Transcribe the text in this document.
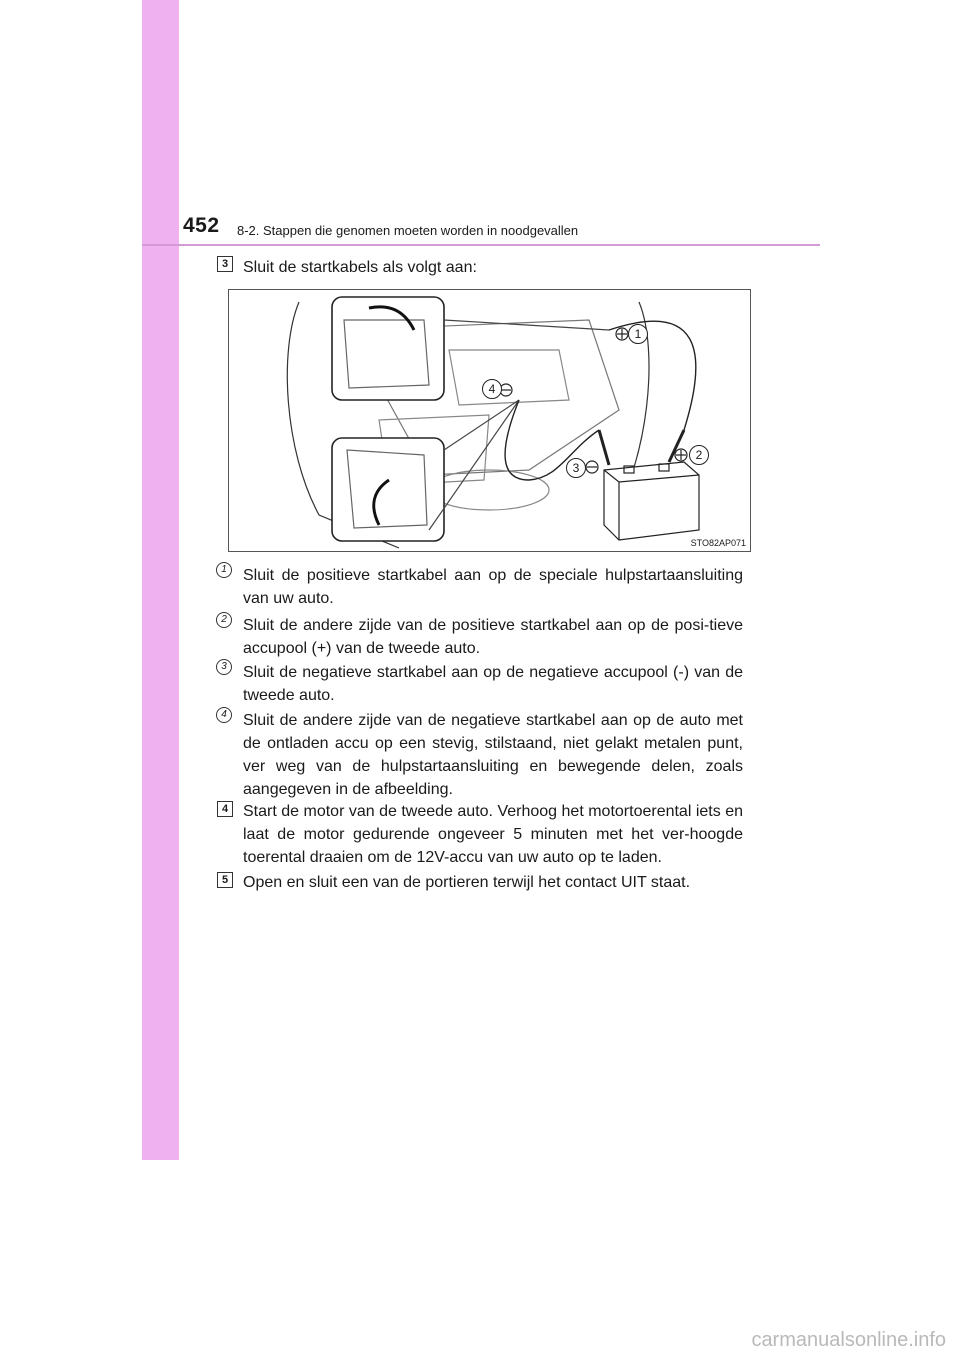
452 8-2. Stappen die genomen moeten worden in noodgevallen
3 Sluit de startkabels als volgt aan:
1
2
3
4
STO82AP071
1	Sluit de positieve startkabel aan op de speciale hulpstartaansluiting van uw auto.
2	Sluit de andere zijde van de positieve startkabel aan op de posi-tieve accupool (+) van de tweede auto.
3	Sluit de negatieve startkabel aan op de negatieve accupool (-) van de tweede auto.
4	Sluit de andere zijde van de negatieve startkabel aan op de auto met de ontladen accu op een stevig, stilstaand, niet gelakt metalen punt, ver weg van de hulpstartaansluiting en bewegende delen, zoals aangegeven in de afbeelding.
4 Start de motor van de tweede auto. Verhoog het motortoerental iets en laat de motor gedurende ongeveer 5 minuten met het ver-hoogde toerental draaien om de 12V-accu van uw auto op te laden.
5 Open en sluit een van de portieren terwijl het contact UIT staat.
carmanualsonline.info
